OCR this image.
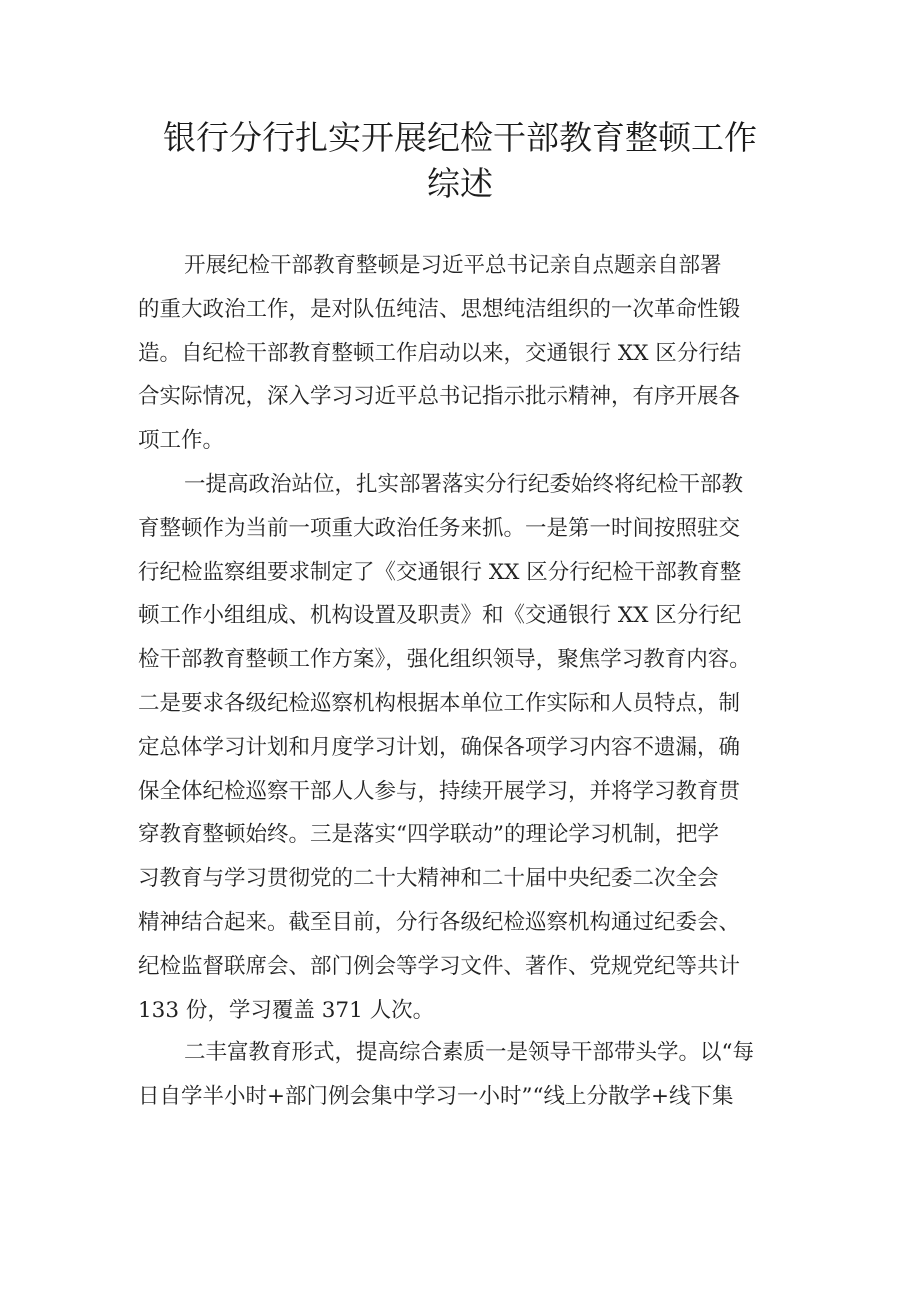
银行分行扎实开展纪检干部教育整顿工作
综述
开展纪检干部教育整顿是习近平总书记亲自点题亲自部署
的重大政治工作，是对队伍纯洁、思想纯洁组织的一次革命性锻
造。自纪检干部教育整顿工作启动以来，交通银行 XX 区分行结
合实际情况，深入学习习近平总书记指示批示精神，有序开展各
项工作。
一提高政治站位，扎实部署落实分行纪委始终将纪检干部教
育整顿作为当前一项重大政治任务来抓。一是第一时间按照驻交
行纪检监察组要求制定了《交通银行 XX 区分行纪检干部教育整
顿工作小组组成、机构设置及职责》和《交通银行 XX 区分行纪
检干部教育整顿工作方案》，强化组织领导，聚焦学习教育内容。
二是要求各级纪检巡察机构根据本单位工作实际和人员特点，制
定总体学习计划和月度学习计划，确保各项学习内容不遗漏，确
保全体纪检巡察干部人人参与，持续开展学习，并将学习教育贯
穿教育整顿始终。三是落实“四学联动”的理论学习机制，把学
习教育与学习贯彻党的二十大精神和二十届中央纪委二次全会
精神结合起来。截至目前，分行各级纪检巡察机构通过纪委会、
纪检监督联席会、部门例会等学习文件、著作、党规党纪等共计
133 份，学习覆盖 371 人次。
二丰富教育形式，提高综合素质一是领导干部带头学。以“每
日自学半小时+部门例会集中学习一小时”“线上分散学+线下集
